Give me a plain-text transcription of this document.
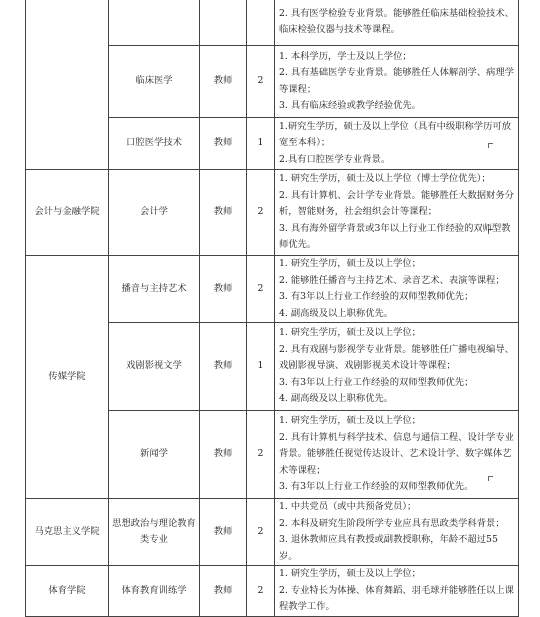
				2. 具有医学检验专业背景。能够胜任临床基础检验技术、临床检验仪器与技术等课程。

	临床医学	教师	2	1. 本科学历，学士及以上学位；
2. 具有基础医学专业背景。能够胜任人体解剖学、病理学等课程；
3. 具有临床经验或教学经验优先。

	口腔医学技术	教师	1	1.研究生学历，硕士及以上学位（具有中级职称学历可放宽至本科）；
2.具有口腔医学专业背景。

会计与金融学院	会计学	教师	2	1. 研究生学历，硕士及以上学位（博士学位优先）；
2. 具有计算机、会计学专业背景。能够胜任大数据财务分析，智能财务，社会组织会计等课程；
3. 具有海外留学背景或3年以上行业工作经验的双师型教师优先。

传媒学院	播音与主持艺术	教师	2	1. 研究生学历，硕士及以上学位；
2. 能够胜任播音与主持艺术、录音艺术、表演等课程；
3. 有3年以上行业工作经验的双师型教师优先；
4. 副高级及以上职称优先。

	戏剧影视文学	教师	1	1. 研究生学历，硕士及以上学位；
2. 具有戏剧与影视学专业背景。能够胜任广播电视编导、戏剧影视导演、戏剧影视美术设计等课程；
3. 有3年以上行业工作经验的双师型教师优先；
4. 副高级及以上职称优先。

	新闻学	教师	2	1. 研究生学历，硕士及以上学位；
2. 具有计算机与科学技术、信息与通信工程、设计学专业背景。能够胜任视觉传达设计、艺术设计学、数字媒体艺术等课程；
3. 有3年以上行业工作经验的双师型教师优先。

马克思主义学院	思想政治与理论教育类专业	教师	2	1. 中共党员（或中共预备党员）；
2. 本科及研究生阶段所学专业应具有思政类学科背景；
3. 退休教师应具有教授或副教授职称，年龄不超过55岁。

体育学院	体育教育训练学	教师	2	1. 研究生学历，硕士及以上学位；
2. 专业特长为体操、体育舞蹈、羽毛球并能够胜任以上课程教学工作。
